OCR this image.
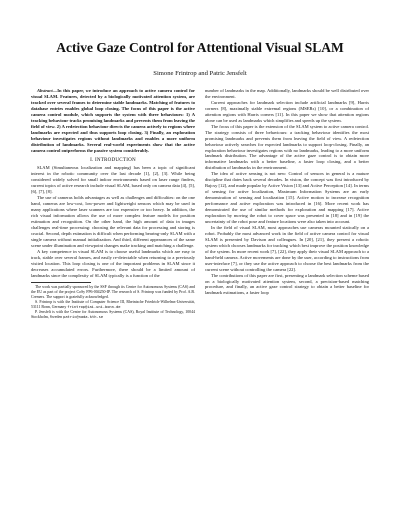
Active Gaze Control for Attentional Visual SLAM
Simone Frintrop and Patric Jensfelt

Abstract—In this paper, we introduce an approach to active camera control for visual SLAM. Features, detected by a biologically motivated attention system, are tracked over several frames to determine stable landmarks. Matching of features to database entries enables global loop closing. The focus of this paper is the active camera control module, which supports the system with three behaviours: 1) A tracking behaviour tracks promising landmarks and prevents them from leaving the field of view. 2) A redetection behaviour directs the camera actively to regions where landmarks are expected and thus supports loop closing. 3) Finally, an exploration behaviour investigates regions without landmarks and enables a more uniform distribution of landmarks. Several real-world experiments show that the active camera control outperforms the passive system considerably.

I. INTRODUCTION

SLAM (Simultaneous localization and mapping) has been a topic of significant interest in the robotic community over the last decade [1], [2], [3]. While being considered widely solved for small indoor environments based on laser range finders, current topics of active research include visual SLAM, based only on camera data [4], [5], [6], [7], [8].

The use of cameras holds advantages as well as challenges and difficulties: on the one hand, cameras are low-cost, low-power and lightweight sensors which may be used in many applications where laser scanners are too expensive or too heavy. In addition, the rich visual information allows the use of more complex feature models for position estimation and recognition. On the other hand, the high amount of data in images challenges real-time processing: choosing the relevant data for processing and storing is crucial. Second, depth estimation is difficult when performing bearing-only SLAM with a single camera without manual initialization. And third, different appearances of the same scene under illumination and viewpoint changes make tracking and matching a challenge.

A key competence in visual SLAM is to choose useful landmarks which are easy to track, stable over several frames, and easily re-detectable when returning to a previously visited location. This loop closing is one of the important problems in SLAM since it decreases accumulated errors. Furthermore, there should be a limited amount of landmarks since the complexity of SLAM typically is a function of the

The work was partially sponsored by the SSF through its Centre for Autonomous Systems (CAS) and the EU as part of the project CoSy FP6-004250-IP. The research of S. Frintrop was funded by Prof. A.B. Cremers. The support is gratefully acknowledged.

S. Frintrop is with the Institute of Computer Science III, Rheinische Friedrich-Wilhelms-Universität, 53111 Bonn, Germany frintrop@iai.uni-bonn.de

P. Jensfelt is with the Centre for Autonomous Systems (CAS), Royal Institute of Technology, 10044 Stockholm, Sweden patric@nada.kth.se

number of landmarks in the map. Additionally, landmarks should be well distributed over the environment.

Current approaches for landmark selection include artificial landmarks [9], Harris corners [8], maximally stable extremal regions (MSERs) [10], or a combination of attention regions with Harris corners [11]. In this paper we show that attention regions alone can be used as landmarks which simplifies and speeds up the system.

The focus of this paper is the extension of the SLAM system to active camera control. The strategy consists of three behaviours: a tracking behaviour identifies the most promising landmarks and prevents them from leaving the field of view. A redetection behaviour actively searches for expected landmarks to support loop-closing. Finally, an exploration behaviour investigates regions with no landmarks, leading to a more uniform landmark distribution. The advantage of the active gaze control is to obtain more informative landmarks with a better baseline, a faster loop closing, and a better distribution of landmarks in the environment.

The idea of active sensing is not new: Control of sensors in general is a mature discipline that dates back several decades. In vision, the concept was first introduced by Bajcsy [12], and made popular by Active Vision [13] and Active Perception [14]. In terms of sensing for active localization, Maximum Information Systems are an early demonstration of sensing and localization [15]. Active motion to increase recognition performance and active exploration was introduced in [16]. More recent work has demonstrated the use of similar methods for exploration and mapping [17]. Active exploration by moving the robot to cover space was presented in [18] and in [19] the uncertainty of the robot pose and feature locations were also taken into account.

In the field of visual SLAM, most approaches use cameras mounted statically on a robot. Probably the most advanced work in the field of active camera control for visual SLAM is presented by Davison and colleagues. In [20], [21], they present a robotic system which chooses landmarks for tracking which best improve the position knowledge of the system. In more recent work [7], [22], they apply their visual SLAM approach to a hand-held camera. Active movements are done by the user, according to instructions from user-interface [7], or they use the active approach to choose the best landmarks from the current scene without controlling the camera [22].

The contributions of this paper are first, presenting a landmark selection scheme based on a biologically motivated attention system, second, a precision-based matching procedure, and finally, an active gaze control strategy to obtain a better baseline for landmark estimations, a faster loop
